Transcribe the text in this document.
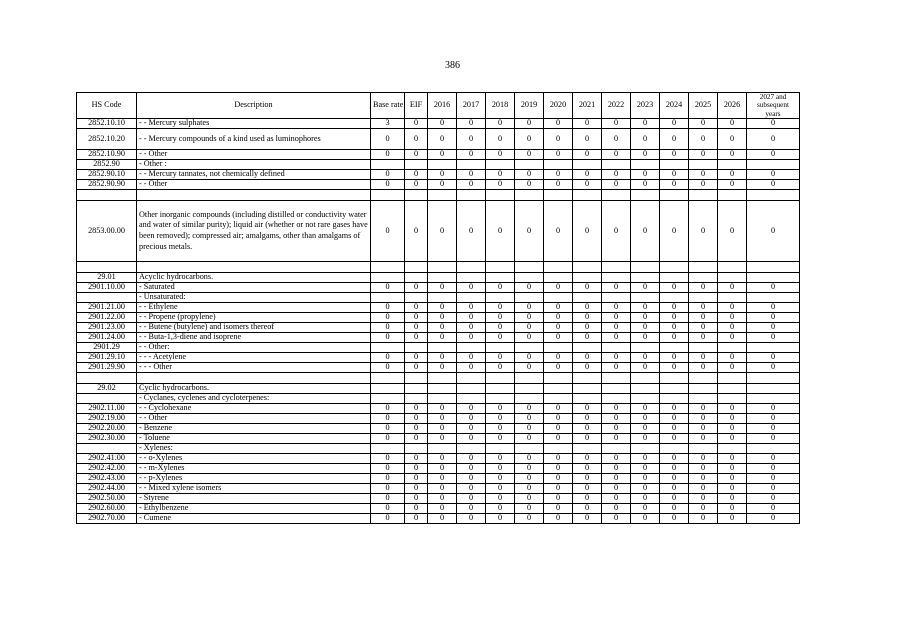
386
HS Code	Description	Base rate	EIF	2016	2017	2018	2019	2020	2021	2022	2023	2024	2025	2026	2027 and subsequent years
2852.10.10	- - Mercury sulphates	3	0	0	0	0	0	0	0	0	0	0	0	0	0
2852.10.20	- - Mercury compounds of a kind used as luminophores	0	0	0	0	0	0	0	0	0	0	0	0	0	0
2852.10.90	- - Other	0	0	0	0	0	0	0	0	0	0	0	0	0	0
2852.90	- Other :														
2852.90.10	- - Mercury tannates, not chemically defined	0	0	0	0	0	0	0	0	0	0	0	0	0	0
2852.90.90	- - Other	0	0	0	0	0	0	0	0	0	0	0	0	0	0

2853.00.00	Other inorganic compounds (including distilled or conductivity water and water of similar purity); liquid air (whether or not rare gases have been removed); compressed air; amalgams, other than amalgams of precious metals.	0	0	0	0	0	0	0	0	0	0	0	0	0	0

29.01	Acyclic hydrocarbons.														
2901.10.00	- Saturated	0	0	0	0	0	0	0	0	0	0	0	0	0	0
	- Unsaturated:														
2901.21.00	- - Ethylene	0	0	0	0	0	0	0	0	0	0	0	0	0	0
2901.22.00	- - Propene (propylene)	0	0	0	0	0	0	0	0	0	0	0	0	0	0
2901.23.00	- - Butene (butylene) and isomers thereof	0	0	0	0	0	0	0	0	0	0	0	0	0	0
2901.24.00	- - Buta-1,3-diene and isoprene	0	0	0	0	0	0	0	0	0	0	0	0	0	0
2901.29	- - Other:														
2901.29.10	- - - Acetylene	0	0	0	0	0	0	0	0	0	0	0	0	0	0
2901.29.90	- - - Other	0	0	0	0	0	0	0	0	0	0	0	0	0	0

29.02	Cyclic hydrocarbons.														
	- Cyclanes, cyclenes and cycloterpenes:														
2902.11.00	- - Cyclohexane	0	0	0	0	0	0	0	0	0	0	0	0	0	0
2902.19.00	- - Other	0	0	0	0	0	0	0	0	0	0	0	0	0	0
2902.20.00	- Benzene	0	0	0	0	0	0	0	0	0	0	0	0	0	0
2902.30.00	- Toluene	0	0	0	0	0	0	0	0	0	0	0	0	0	0
	- Xylenes:														
2902.41.00	- - o-Xylenes	0	0	0	0	0	0	0	0	0	0	0	0	0	0
2902.42.00	- - m-Xylenes	0	0	0	0	0	0	0	0	0	0	0	0	0	0
2902.43.00	- - p-Xylenes	0	0	0	0	0	0	0	0	0	0	0	0	0	0
2902.44.00	- - Mixed xylene isomers	0	0	0	0	0	0	0	0	0	0	0	0	0	0
2902.50.00	- Styrene	0	0	0	0	0	0	0	0	0	0	0	0	0	0
2902.60.00	- Ethylbenzene	0	0	0	0	0	0	0	0	0	0	0	0	0	0
2902.70.00	- Cumene	0	0	0	0	0	0	0	0	0	0	0	0	0	0
